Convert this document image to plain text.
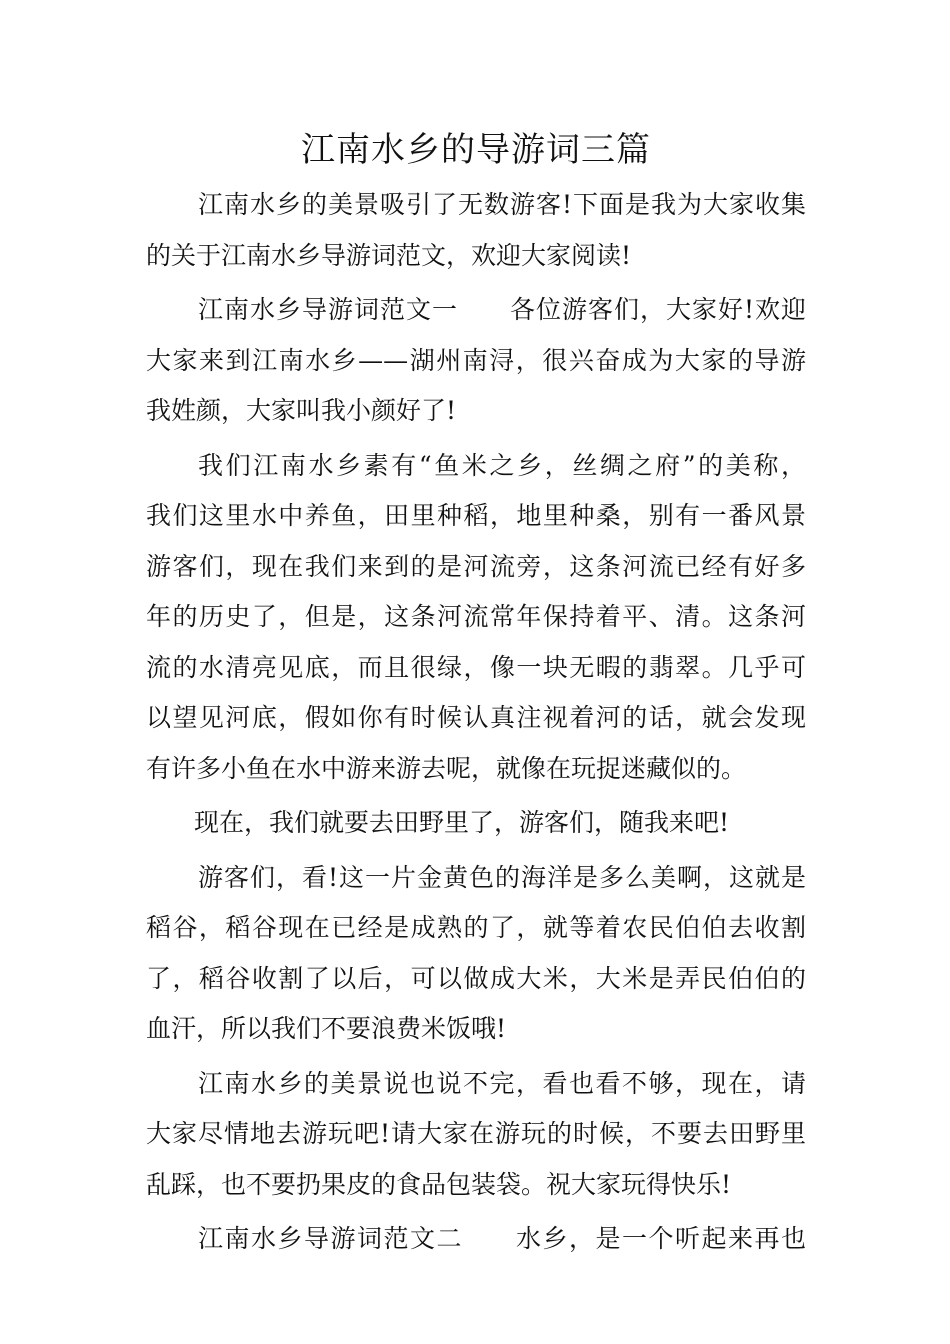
江南水乡的导游词三篇
江南水乡的美景吸引了无数游客!下面是我为大家收集
的关于江南水乡导游词范文，欢迎大家阅读!
江南水乡导游词范文一　　各位游客们，大家好!欢迎
大家来到江南水乡——湖州南浔，很兴奋成为大家的导游
我姓颜，大家叫我小颜好了!
我们江南水乡素有“鱼米之乡，丝绸之府”的美称，
我们这里水中养鱼，田里种稻，地里种桑，别有一番风景
游客们，现在我们来到的是河流旁，这条河流已经有好多
年的历史了，但是，这条河流常年保持着平、清。这条河
流的水清亮见底，而且很绿，像一块无暇的翡翠。几乎可
以望见河底，假如你有时候认真注视着河的话，就会发现
有许多小鱼在水中游来游去呢，就像在玩捉迷藏似的。
现在，我们就要去田野里了，游客们，随我来吧!
游客们，看!这一片金黄色的海洋是多么美啊，这就是
稻谷，稻谷现在已经是成熟的了，就等着农民伯伯去收割
了，稻谷收割了以后，可以做成大米，大米是弄民伯伯的
血汗，所以我们不要浪费米饭哦!
江南水乡的美景说也说不完，看也看不够，现在，请
大家尽情地去游玩吧!请大家在游玩的时候，不要去田野里
乱踩，也不要扔果皮的食品包装袋。祝大家玩得快乐!
江南水乡导游词范文二　　水乡，是一个听起来再也
